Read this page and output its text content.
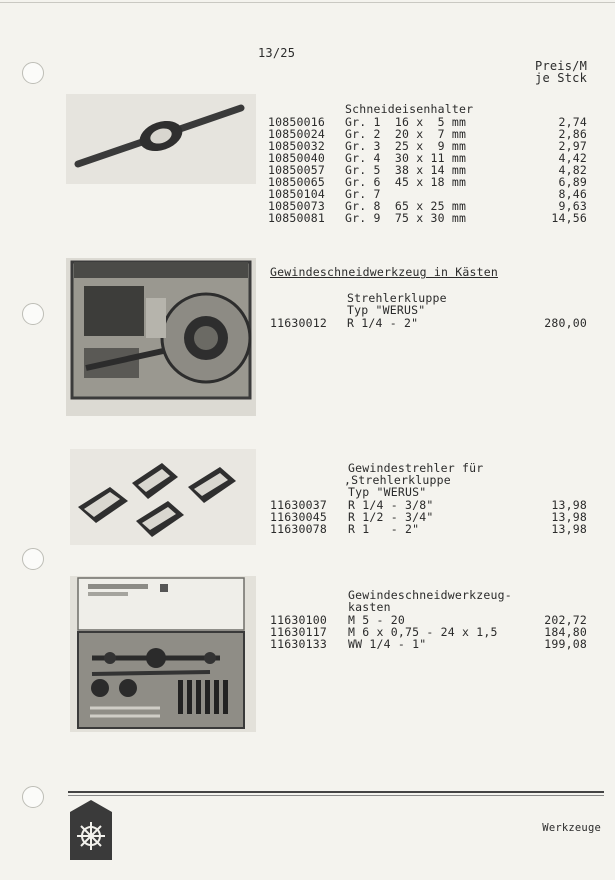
13/25
Preis/M
je Stck
Schneideisenhalter
10850016 Gr. 1  16 x  5 mm	2,74
10850024 Gr. 2  20 x  7 mm	2,86
10850032 Gr. 3  25 x  9 mm	2,97
10850040 Gr. 4  30 x 11 mm	4,42
10850057 Gr. 5  38 x 14 mm	4,82
10850065 Gr. 6  45 x 18 mm	6,89
10850104 Gr. 7	8,46
10850073 Gr. 8  65 x 25 mm	9,63
10850081 Gr. 9  75 x 30 mm	14,56
Gewindeschneidwerkzeug in Kästen
Strehlerkluppe
Typ "WERUS"
11630012 R 1/4 - 2"	280,00
Gewindestrehler für
,Strehlerkluppe
Typ "WERUS"
11630037 R 1/4 - 3/8"	13,98
11630045 R 1/2 - 3/4"	13,98
11630078 R 1   - 2"	13,98
Gewindeschneidwerkzeug-
kasten
11630100 M 5 - 20	202,72
11630117 M 6 x 0,75 - 24 x 1,5	184,80
11630133 WW 1/4 - 1"	199,08
Werkzeuge
